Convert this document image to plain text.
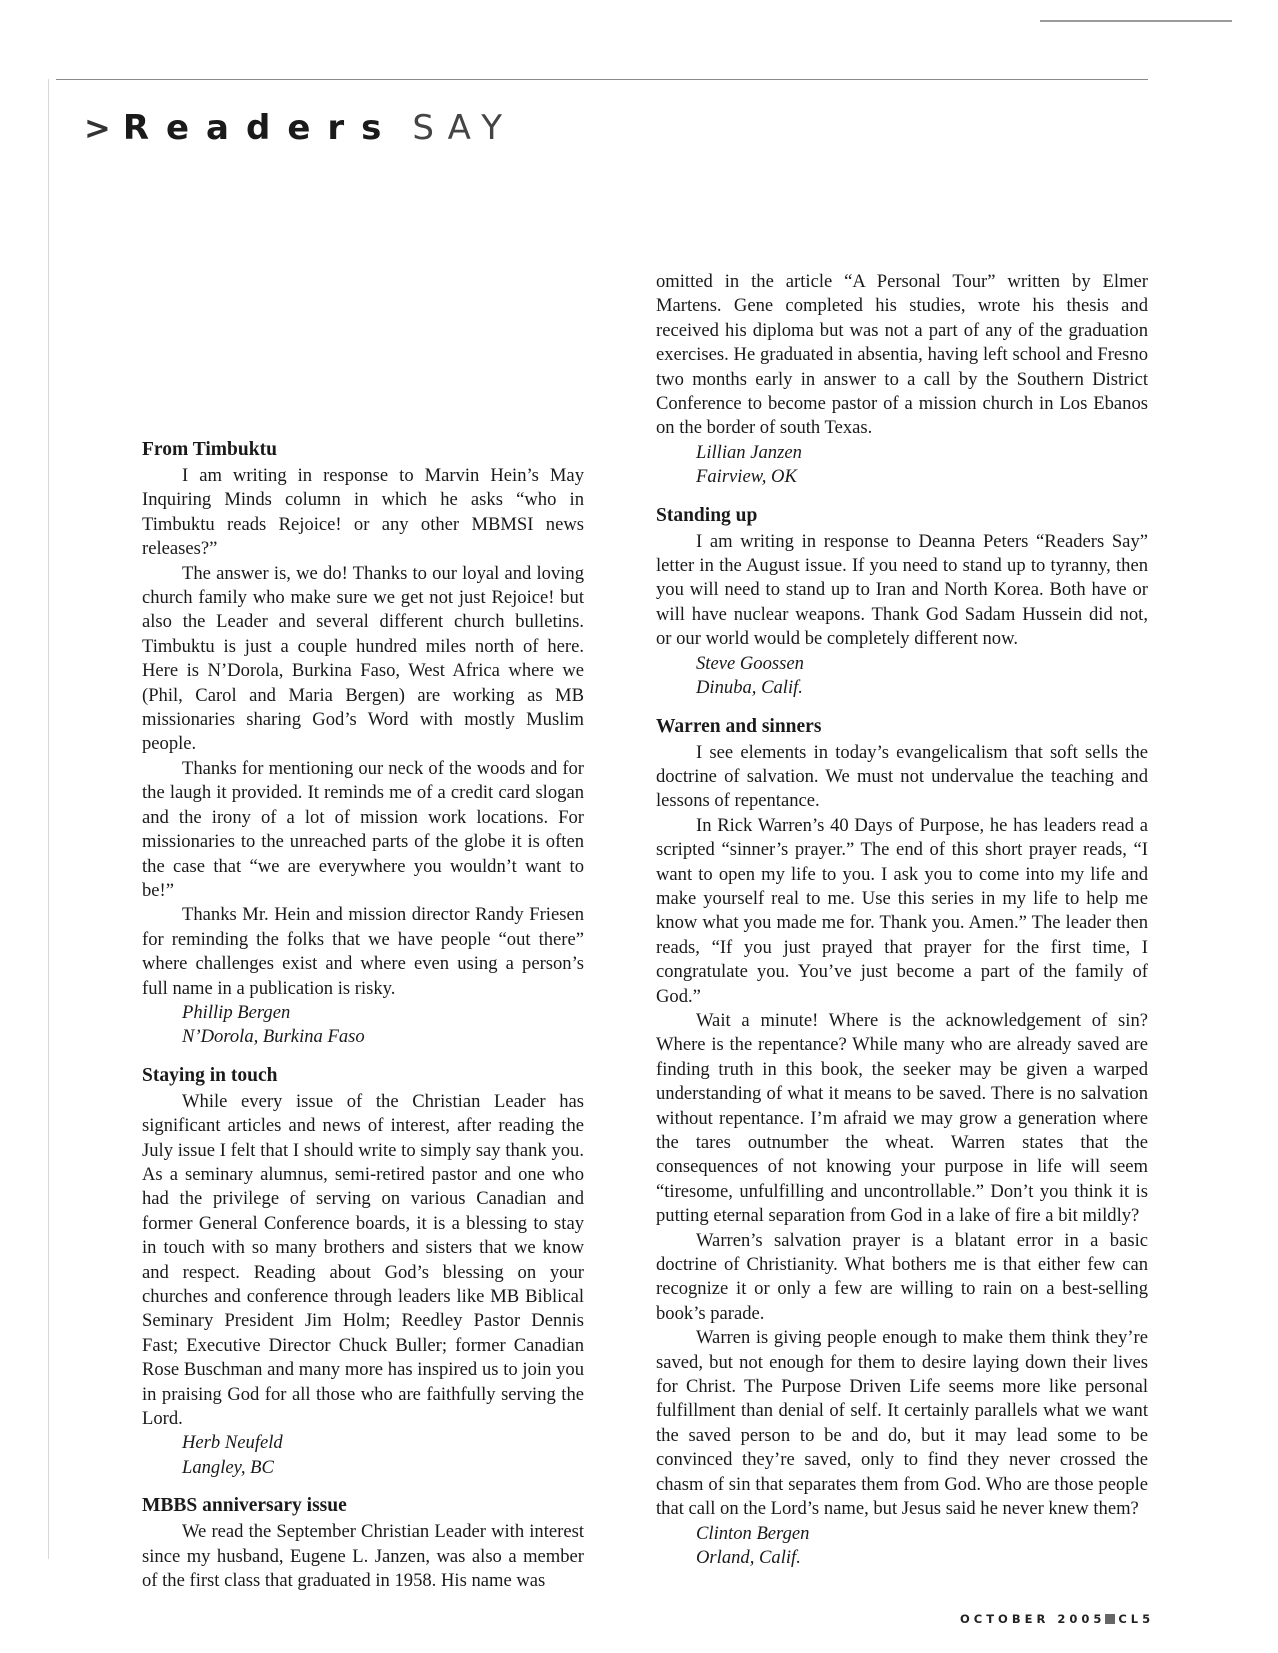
> Readers SAY
From Timbuktu

I am writing in response to Marvin Hein’s May Inquiring Minds column in which he asks “who in Timbuktu reads Rejoice! or any other MBMSI news releases?”

The answer is, we do! Thanks to our loyal and loving church family who make sure we get not just Rejoice! but also the Leader and several different church bulletins. Timbuktu is just a couple hundred miles north of here. Here is N’Dorola, Burkina Faso, West Africa where we (Phil, Carol and Maria Bergen) are working as MB missionaries sharing God’s Word with mostly Muslim people.

Thanks for mentioning our neck of the woods and for the laugh it provided. It reminds me of a credit card slogan and the irony of a lot of mission work locations. For missionaries to the unreached parts of the globe it is often the case that “we are everywhere you wouldn’t want to be!”

Thanks Mr. Hein and mission director Randy Friesen for reminding the folks that we have people “out there” where challenges exist and where even using a person’s full name in a publication is risky.

Phillip Bergen
N’Dorola, Burkina Faso
Staying in touch

While every issue of the Christian Leader has significant articles and news of interest, after reading the July issue I felt that I should write to simply say thank you. As a seminary alumnus, semi-retired pastor and one who had the privilege of serving on various Canadian and former General Conference boards, it is a blessing to stay in touch with so many brothers and sisters that we know and respect. Reading about God’s blessing on your churches and conference through leaders like MB Biblical Seminary President Jim Holm; Reedley Pastor Dennis Fast; Executive Director Chuck Buller; former Canadian Rose Buschman and many more has inspired us to join you in praising God for all those who are faithfully serving the Lord.

Herb Neufeld
Langley, BC
MBBS anniversary issue

We read the September Christian Leader with interest since my husband, Eugene L. Janzen, was also a member of the first class that graduated in 1958. His name was

omitted in the article “A Personal Tour” written by Elmer Martens. Gene completed his studies, wrote his thesis and received his diploma but was not a part of any of the graduation exercises. He graduated in absentia, having left school and Fresno two months early in answer to a call by the Southern District Conference to become pastor of a mission church in Los Ebanos on the border of south Texas.

Lillian Janzen
Fairview, OK
Standing up

I am writing in response to Deanna Peters “Readers Say” letter in the August issue. If you need to stand up to tyranny, then you will need to stand up to Iran and North Korea. Both have or will have nuclear weapons. Thank God Sadam Hussein did not, or our world would be completely different now.

Steve Goossen
Dinuba, Calif.
Warren and sinners

I see elements in today’s evangelicalism that soft sells the doctrine of salvation. We must not undervalue the teaching and lessons of repentance.

In Rick Warren’s 40 Days of Purpose, he has leaders read a scripted “sinner’s prayer.” The end of this short prayer reads, “I want to open my life to you. I ask you to come into my life and make yourself real to me. Use this series in my life to help me know what you made me for. Thank you. Amen.” The leader then reads, “If you just prayed that prayer for the first time, I congratulate you. You’ve just become a part of the family of God.”

Wait a minute! Where is the acknowledgement of sin? Where is the repentance? While many who are already saved are finding truth in this book, the seeker may be given a warped understanding of what it means to be saved. There is no salvation without repentance. I’m afraid we may grow a generation where the tares outnumber the wheat. Warren states that the consequences of not knowing your purpose in life will seem “tiresome, unfulfilling and uncontrollable.” Don’t you think it is putting eternal separation from God in a lake of fire a bit mildly?

Warren’s salvation prayer is a blatant error in a basic doctrine of Christianity. What bothers me is that either few can recognize it or only a few are willing to rain on a best-selling book’s parade.

Warren is giving people enough to make them think they’re saved, but not enough for them to desire laying down their lives for Christ. The Purpose Driven Life seems more like personal fulfillment than denial of self. It certainly parallels what we want the saved person to be and do, but it may lead some to be convinced they’re saved, only to find they never crossed the chasm of sin that separates them from God. Who are those people that call on the Lord’s name, but Jesus said he never knew them?

Clinton Bergen
Orland, Calif.
OCTOBER 2005 CL 5
